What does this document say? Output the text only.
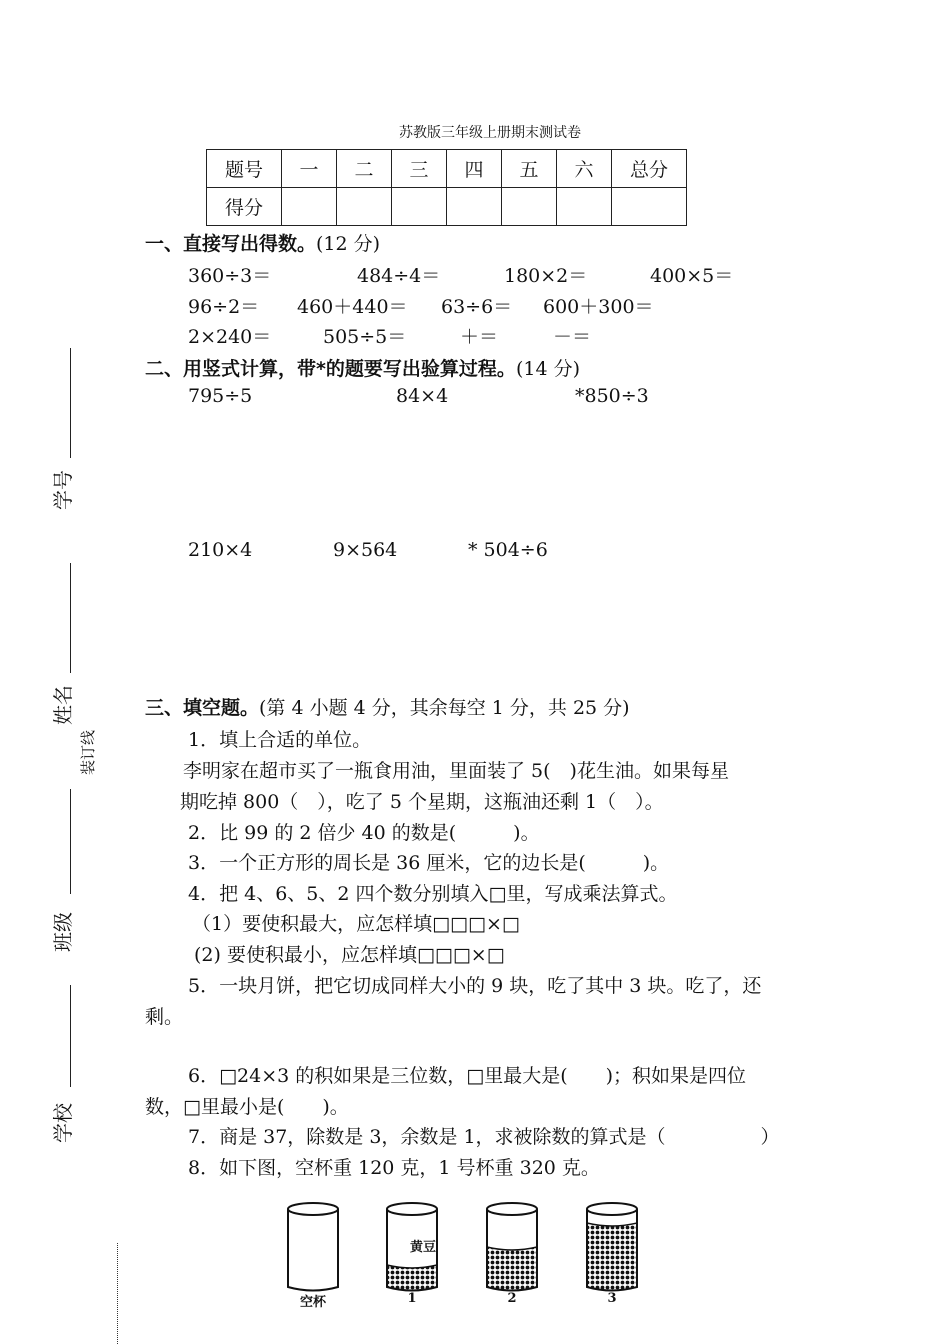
苏教版三年级上册期末测试卷
题号	一	二	三	四	五	六	总分
得分							
学号
姓名
装订线
班级
学校
一、直接写出得数。(12 分)
360÷3＝	484÷4＝	180×2＝	400×5＝
96÷2＝ 460＋440＝ 63÷6＝ 600＋300＝
2×240＝	505÷5＝	＋＝	－＝
二、用竖式计算，带*的题要写出验算过程。(14 分)
795÷5	84×4	*850÷3
210×4	9×564	* 504÷6
三、填空题。(第 4 小题 4 分，其余每空 1 分，共 25 分)
1．填上合适的单位。
李明家在超市买了一瓶食用油，里面装了 5(　)花生油。如果每星
期吃掉 800（　），吃了 5 个星期，这瓶油还剩 1（　）。
2．比 99 的 2 倍少 40 的数是(　　　)。
3．一个正方形的周长是 36 厘米，它的边长是(　　　)。
4．把 4、6、5、2 四个数分别填入□里，写成乘法算式。
（1）要使积最大，应怎样填□□□×□
(2) 要使积最小，应怎样填□□□×□
5．一块月饼，把它切成同样大小的 9 块，吃了其中 3 块。吃了，还
剩。
6．□24×3 的积如果是三位数，□里最大是(　　)；积如果是四位
数，□里最小是(　　)。
7．商是 37，除数是 3，余数是 1，求被除数的算式是（　　　　　）
8．如下图，空杯重 120 克，1 号杯重 320 克。
黄豆
空杯	1	2	3
